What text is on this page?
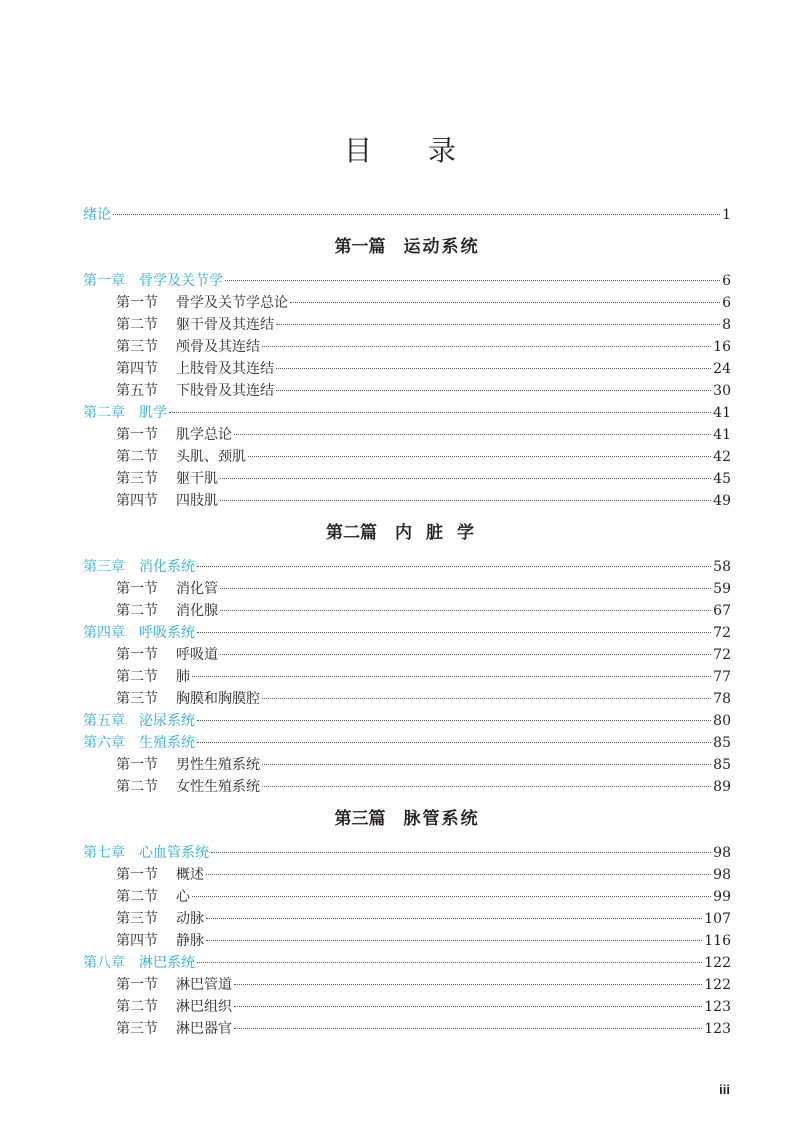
目录
绪论	1
第一篇 运动系统
第一章 骨学及关节学	6
第一节	骨学及关节学总论	6
第二节	躯干骨及其连结	8
第三节	颅骨及其连结	16
第四节	上肢骨及其连结	24
第五节	下肢骨及其连结	30
第二章 肌学	41
第一节	肌学总论	41
第二节	头肌、颈肌	42
第三节	躯干肌	45
第四节	四肢肌	49
第二篇 内脏学
第三章 消化系统	58
第一节	消化管	59
第二节	消化腺	67
第四章 呼吸系统	72
第一节	呼吸道	72
第二节	肺	77
第三节	胸膜和胸膜腔	78
第五章 泌尿系统	80
第六章 生殖系统	85
第一节	男性生殖系统	85
第二节	女性生殖系统	89
第三篇 脉管系统
第七章 心血管系统	98
第一节	概述	98
第二节	心	99
第三节	动脉	107
第四节	静脉	116
第八章 淋巴系统	122
第一节	淋巴管道	122
第二节	淋巴组织	123
第三节	淋巴器官	123
iii
